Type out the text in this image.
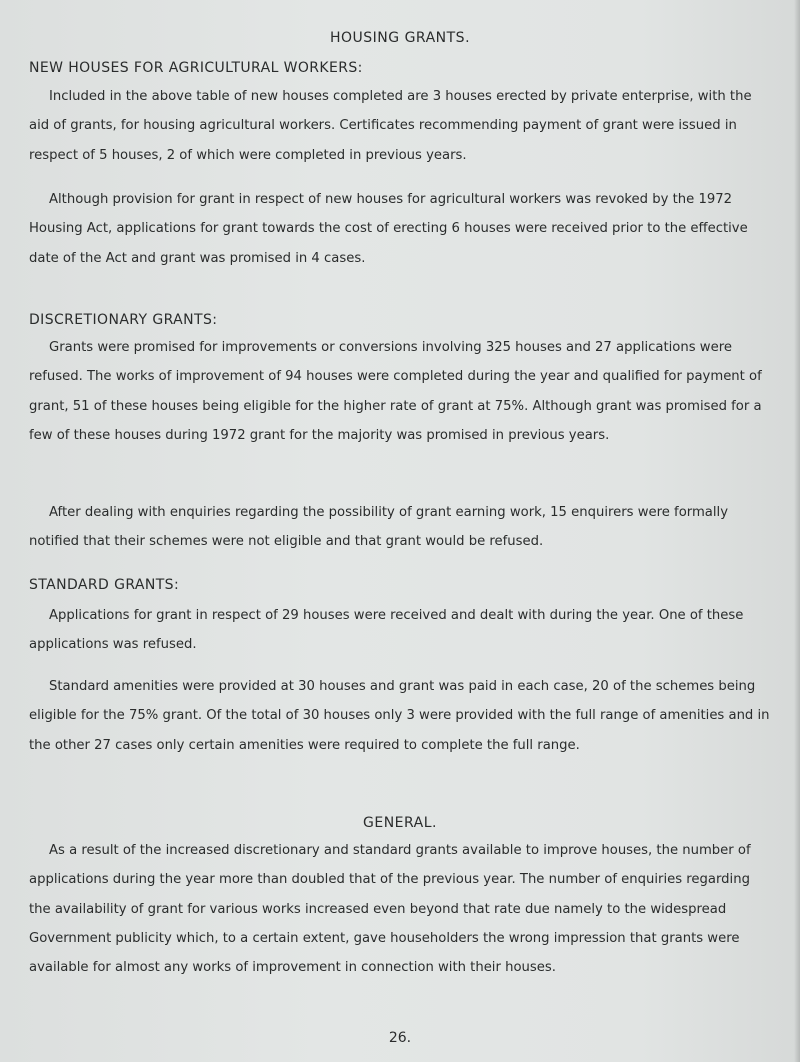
HOUSING GRANTS.
NEW HOUSES FOR AGRICULTURAL WORKERS:

Included in the above table of new houses completed are 3 houses erected by private enterprise, with the aid of grants, for housing agricultural workers. Certificates recommending payment of grant were issued in respect of 5 houses, 2 of which were completed in previous years.

Although provision for grant in respect of new houses for agricultural workers was revoked by the 1972 Housing Act, applications for grant towards the cost of erecting 6 houses were received prior to the effective date of the Act and grant was promised in 4 cases.

DISCRETIONARY GRANTS:

Grants were promised for improvements or conversions involving 325 houses and 27 applications were refused. The works of improvement of 94 houses were completed during the year and qualified for payment of grant, 51 of these houses being eligible for the higher rate of grant at 75%. Although grant was promised for a few of these houses during 1972 grant for the majority was promised in previous years.

After dealing with enquiries regarding the possibility of grant earning work, 15 enquirers were formally notified that their schemes were not eligible and that grant would be refused.

STANDARD GRANTS:

Applications for grant in respect of 29 houses were received and dealt with during the year. One of these applications was refused.

Standard amenities were provided at 30 houses and grant was paid in each case, 20 of the schemes being eligible for the 75% grant. Of the total of 30 houses only 3 were provided with the full range of amenities and in the other 27 cases only certain amenities were required to complete the full range.

GENERAL.

As a result of the increased discretionary and standard grants available to improve houses, the number of applications during the year more than doubled that of the previous year. The number of enquiries regarding the availability of grant for various works increased even beyond that rate due namely to the widespread Government publicity which, to a certain extent, gave householders the wrong impression that grants were available for almost any works of improvement in connection with their houses.

26.
